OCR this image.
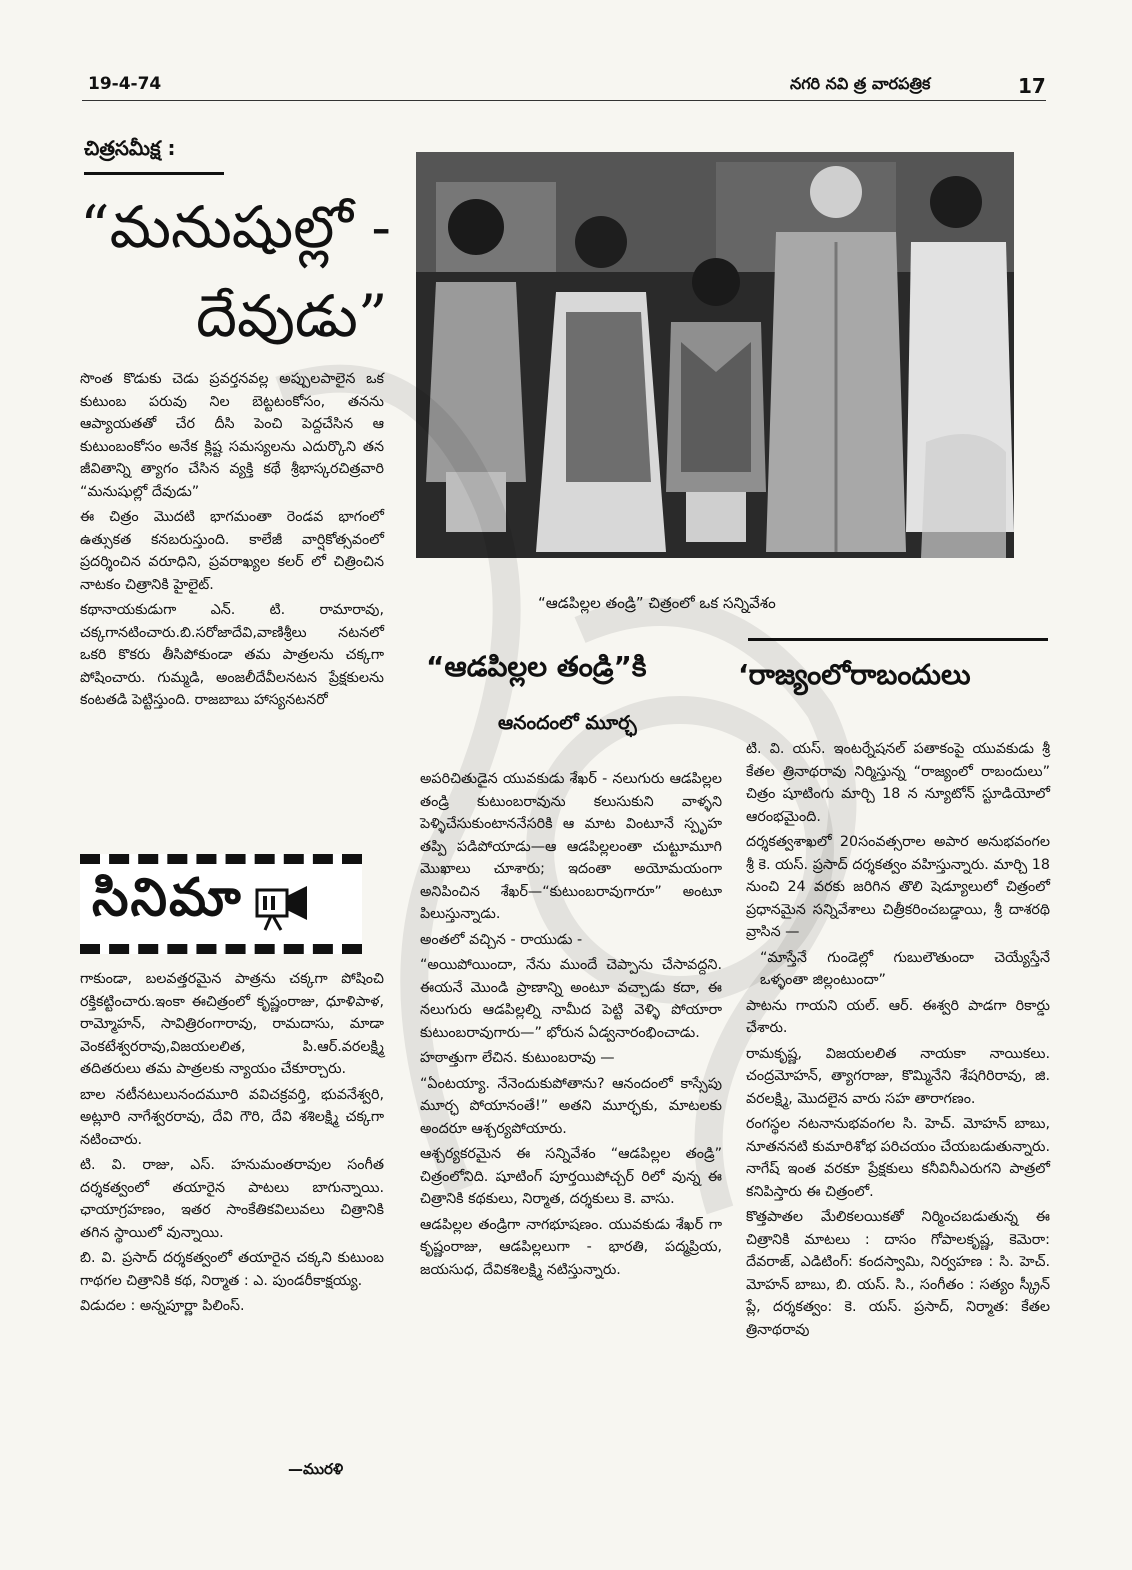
19-4-74	నగరి నవి త్ర వారపత్రిక	17
చిత్రసమీక్ష :
“మనుషుల్లో -
దేవుడు”

సొంత కొడుకు చెడు ప్రవర్తనవల్ల అప్పులపాలైన ఒక కుటుంబ పరువు నిల బెట్టటంకోసం, తనను ఆప్యాయతతో చేర దీసి పెంచి పెద్దచేసిన ఆ కుటుంబంకోసం అనేక క్లిష్ట సమస్యలను ఎదుర్కొని తన జీవితాన్ని త్యాగం చేసిన వ్యక్తి కథే శ్రీభాస్కరచిత్రవారి “మనుషుల్లో దేవుడు”

ఈ చిత్రం మొదటి భాగమంతా రెండవ భాగంలో ఉత్సుకత కనబరుస్తుంది. కాలేజీ వార్షికోత్సవంలో ప్రదర్శించిన వరూధిని, ప్రవరాఖ్యల కలర్ లో చిత్రించిన నాటకం చిత్రానికి హైలైట్.

కథానాయకుడుగా ఎన్. టి. రామారావు, చక్కగానటించారు.బి.సరోజాదేవి,వాణిశ్రీలు నటనలో ఒకరి కొకరు తీసిపోకుండా తమ పాత్రలను చక్కగా పోషించారు. గుమ్మడి, అంజలీదేవీలనటన ప్రేక్షకులను కంటతడి పెట్టిస్తుంది. రాజబాబు హాస్యనటనరో

సినిమా

గాకుండా, బలవత్తరమైన పాత్రను చక్కగా పోషించి రక్తికట్టించారు.ఇంకా ఈచిత్రంలో కృష్ణంరాజు, ధూళిపాళ, రామ్మోహన్, సావిత్రిరంగారావు, రామదాసు, మాడా వెంకటేశ్వరరావు,విజయలలిత, పి.ఆర్.వరలక్ష్మి తదితరులు తమ పాత్రలకు న్యాయం చేకూర్చారు.

బాల నటీనటులునందమూరి వవిచక్రవర్తి, భువనేశ్వరి, అట్లూరి నాగేశ్వరరావు, దేవి గౌరి, దేవి శశిలక్ష్మి చక్కగా నటించారు.

టి. వి. రాజు, ఎస్. హనుమంతరావుల సంగీత దర్శకత్వంలో తయారైన పాటలు బాగున్నాయి. ఛాయాగ్రహణం, ఇతర సాంకేతికవిలువలు చిత్రానికి తగిన స్థాయిలో వున్నాయి.

బి. వి. ప్రసాద్ దర్శకత్వంలో తయారైన చక్కని కుటుంబ గాథగల చిత్రానికి కథ, నిర్మాత : ఎ. పుండరీకాక్షయ్య.

విడుదల : అన్నపూర్ణా పిలింస్.

—మురళి
“ఆడపిల్లల తండ్రి” చిత్రంలో ఒక సన్నివేశం
“ఆడపిల్లల తండ్రి”కి
ఆనందంలో మూర్ఛ

అపరిచితుడైన యువకుడు శేఖర్ - నలుగురు ఆడపిల్లల తండ్రి కుటుంబరావును కలుసుకుని వాళ్ళని పెళ్ళిచేసుకుంటాననేసరికి ఆ మాట వింటూనే స్పృహ తప్పి పడిపోయాడు—ఆ ఆడపిల్లలంతా చుట్టూమూగి మొఖాలు చూశారు; ఇదంతా అయోమయంగా అనిపించిన శేఖర్—“కుటుంబరావుగారూ” అంటూ పిలుస్తున్నాడు.

అంతలో వచ్చిన - రాయుడు -

“అయిపోయిందా, నేను ముందే చెప్పాను చేసావద్దని. ఈయనే మొండి ప్రాణాన్ని అంటూ వచ్చాడు కదా, ఈ నలుగురు ఆడపిల్లల్ని నామీద పెట్టి వెళ్ళి పోయారా కుటుంబరావుగారు—” భోరున ఏడ్వనారంభించాడు.

హఠాత్తుగా లేచిన. కుటుంబరావు —

“ఏంటయ్యా. నేనెందుకుపోతాను? ఆనందంలో కాస్సేపు మూర్ఛ పోయానంతే!” అతని మూర్ఛకు, మాటలకు అందరూ ఆశ్చర్యపోయారు.

ఆశ్చర్యకరమైన ఈ సన్నివేశం “ఆడపిల్లల తండ్రి” చిత్రంలోనిది. షూటింగ్ పూర్తయిపోచ్చర్ రిలో వున్న ఈ చిత్రానికి కథకులు, నిర్మాత, దర్శకులు కె. వాసు.

ఆడపిల్లల తండ్రిగా నాగభూషణం. యువకుడు శేఖర్ గా కృష్ణంరాజు, ఆడపిల్లలుగా - భారతి, పద్మప్రియ, జయసుధ, దేవికశిలక్ష్మి నటిస్తున్నారు.

‘రాజ్యంలోరాబందులు

టి. వి. యస్. ఇంటర్నేషనల్ పతాకంపై యువకుడు శ్రీ కేతల త్రినాథరావు నిర్మిస్తున్న “రాజ్యంలో రాబందులు” చిత్రం షూటింగు మార్చి 18 న న్యూటోన్ స్టూడియోలో ఆరంభమైంది.

దర్శకత్వశాఖలో 20సంవత్సరాల అపార అనుభవంగల శ్రీ కె. యస్. ప్రసాద్ దర్శకత్వం వహిస్తున్నారు. మార్చి 18 నుంచి 24 వరకు జరిగిన తొలి షెడ్యూలులో చిత్రంలో ప్రధానమైన సన్నివేశాలు చిత్రీకరించబడ్డాయి, శ్రీ దాశరథి వ్రాసిన —

“మాస్తేనే గుండెల్లో గుబులౌతుందా చెయ్యేస్తేనే ఒళ్ళంతా జిల్లంటుందా”

పాటను గాయని యల్. ఆర్. ఈశ్వరి పాడగా రికార్డు చేశారు.

రామకృష్ణ, విజయలలిత నాయకా నాయికలు. చంద్రమోహన్, త్యాగరాజు, కొమ్మినేని శేషగిరిరావు, జి. వరలక్ష్మి, మొదలైన వారు సహ తారాగణం.

రంగస్థల నటనానుభవంగల సి. హెచ్. మోహన్ బాబు, నూతననటి కుమారిశోభ పరిచయం చేయబడుతున్నారు. నాగేష్ ఇంత వరకూ ప్రేక్షకులు కనీవినీఎరుగని పాత్రలో కనిపిస్తారు ఈ చిత్రంలో.

కొత్తపాతల మేలికలయికతో నిర్మించబడుతున్న ఈ చిత్రానికి మాటలు : దాసం గోపాలకృష్ణ, కెమెరా: దేవరాజ్, ఎడిటింగ్: కందస్వామి, నిర్వహణ : సి. హెచ్. మోహన్ బాబు, బి. యస్. సి., సంగీతం : సత్యం స్క్రీన్ ప్లే, దర్శకత్వం: కె. యస్. ప్రసాద్, నిర్మాత: కేతల త్రినాథరావు
